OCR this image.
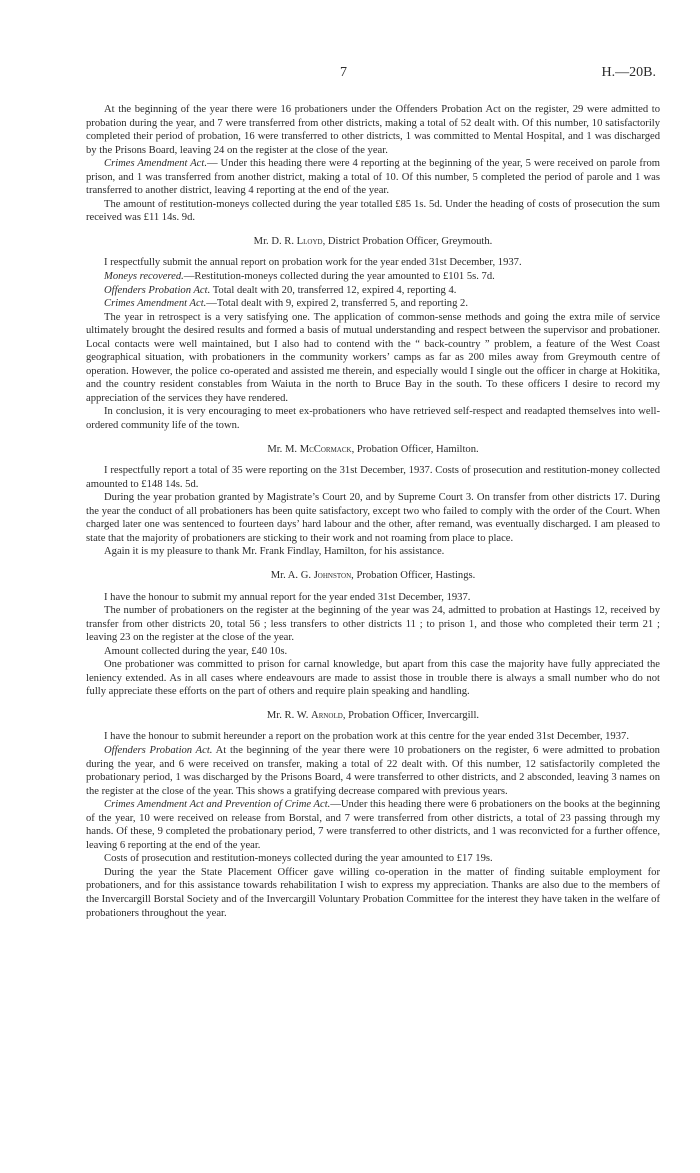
7	H.—20B.

At the beginning of the year there were 16 probationers under the Offenders Probation Act on the register, 29 were admitted to probation during the year, and 7 were transferred from other districts, making a total of 52 dealt with. Of this number, 10 satisfactorily completed their period of probation, 16 were transferred to other districts, 1 was committed to Mental Hospital, and 1 was discharged by the Prisons Board, leaving 24 on the register at the close of the year.

Crimes Amendment Act.— Under this heading there were 4 reporting at the beginning of the year, 5 were received on parole from prison, and 1 was transferred from another district, making a total of 10. Of this number, 5 completed the period of parole and 1 was transferred to another district, leaving 4 reporting at the end of the year.

The amount of restitution-moneys collected during the year totalled £85 1s. 5d. Under the heading of costs of prosecution the sum received was £11 14s. 9d.

Mr. D. R. Lloyd, District Probation Officer, Greymouth.

I respectfully submit the annual report on probation work for the year ended 31st December, 1937.

Moneys recovered.—Restitution-moneys collected during the year amounted to £101 5s. 7d.

Offenders Probation Act. Total dealt with 20, transferred 12, expired 4, reporting 4.

Crimes Amendment Act.—Total dealt with 9, expired 2, transferred 5, and reporting 2.

The year in retrospect is a very satisfying one. The application of common-sense methods and going the extra mile of service ultimately brought the desired results and formed a basis of mutual understanding and respect between the supervisor and probationer. Local contacts were well maintained, but I also had to contend with the “ back-country ” problem, a feature of the West Coast geographical situation, with probationers in the community workers’ camps as far as 200 miles away from Greymouth centre of operation. However, the police co-operated and assisted me therein, and especially would I single out the officer in charge at Hokitika, and the country resident constables from Waiuta in the north to Bruce Bay in the south. To these officers I desire to record my appreciation of the services they have rendered.

In conclusion, it is very encouraging to meet ex-probationers who have retrieved self-respect and readapted themselves into well-ordered community life of the town.

Mr. M. McCormack, Probation Officer, Hamilton.

I respectfully report a total of 35 were reporting on the 31st December, 1937. Costs of prosecution and restitution-money collected amounted to £148 14s. 5d.

During the year probation granted by Magistrate’s Court 20, and by Supreme Court 3. On transfer from other districts 17. During the year the conduct of all probationers has been quite satisfactory, except two who failed to comply with the order of the Court. When charged later one was sentenced to fourteen days’ hard labour and the other, after remand, was eventually discharged. I am pleased to state that the majority of probationers are sticking to their work and not roaming from place to place.

Again it is my pleasure to thank Mr. Frank Findlay, Hamilton, for his assistance.

Mr. A. G. Johnston, Probation Officer, Hastings.

I have the honour to submit my annual report for the year ended 31st December, 1937.

The number of probationers on the register at the beginning of the year was 24, admitted to probation at Hastings 12, received by transfer from other districts 20, total 56 ; less transfers to other districts 11 ; to prison 1, and those who completed their term 21 ; leaving 23 on the register at the close of the year.

Amount collected during the year, £40 10s.

One probationer was committed to prison for carnal knowledge, but apart from this case the majority have fully appreciated the leniency extended. As in all cases where endeavours are made to assist those in trouble there is always a small number who do not fully appreciate these efforts on the part of others and require plain speaking and handling.

Mr. R. W. Arnold, Probation Officer, Invercargill.

I have the honour to submit hereunder a report on the probation work at this centre for the year ended 31st December, 1937.

Offenders Probation Act. At the beginning of the year there were 10 probationers on the register, 6 were admitted to probation during the year, and 6 were received on transfer, making a total of 22 dealt with. Of this number, 12 satisfactorily completed the probationary period, 1 was discharged by the Prisons Board, 4 were transferred to other districts, and 2 absconded, leaving 3 names on the register at the close of the year. This shows a gratifying decrease compared with previous years.

Crimes Amendment Act and Prevention of Crime Act.—Under this heading there were 6 probationers on the books at the beginning of the year, 10 were received on release from Borstal, and 7 were transferred from other districts, a total of 23 passing through my hands. Of these, 9 completed the probationary period, 7 were transferred to other districts, and 1 was reconvicted for a further offence, leaving 6 reporting at the end of the year.

Costs of prosecution and restitution-moneys collected during the year amounted to £17 19s.

During the year the State Placement Officer gave willing co-operation in the matter of finding suitable employment for probationers, and for this assistance towards rehabilitation I wish to express my appreciation. Thanks are also due to the members of the Invercargill Borstal Society and of the Invercargill Voluntary Probation Committee for the interest they have taken in the welfare of probationers throughout the year.
